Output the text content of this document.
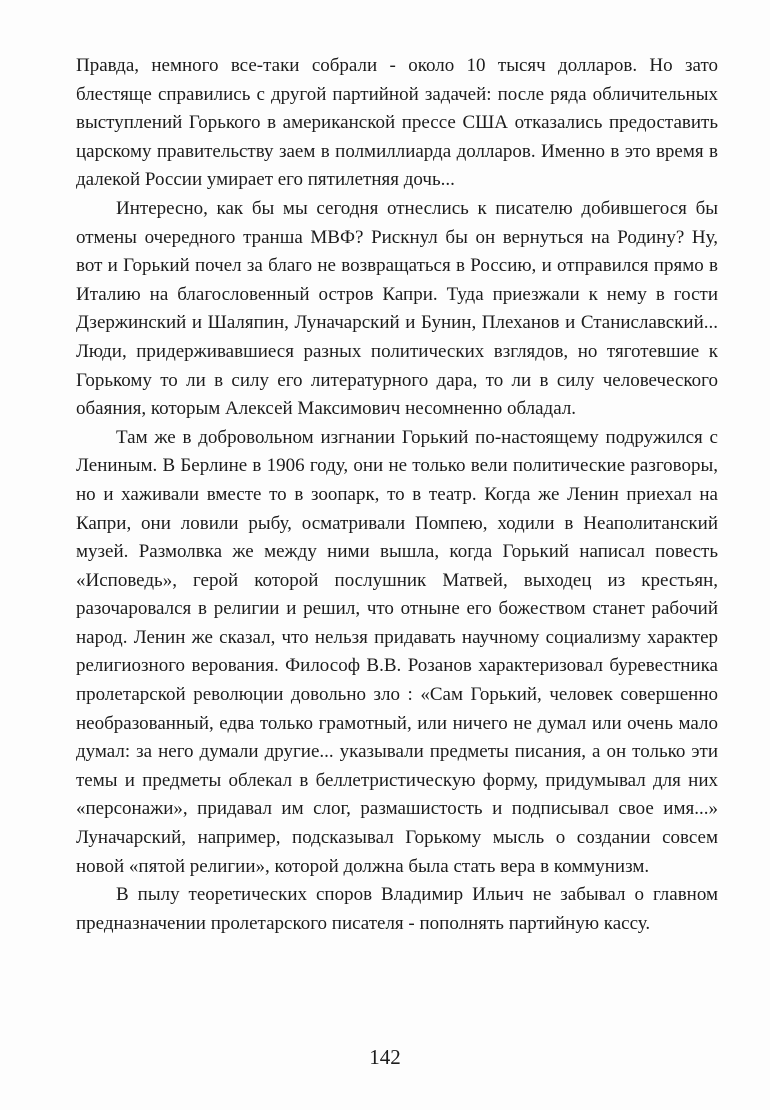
Правда, немного все-таки собрали - около 10 тысяч долларов. Но зато блестяще справились с другой партийной задачей: после ряда обличительных выступлений Горького в американской прессе США отказались предоставить царскому правительству заем в полмиллиарда долларов. Именно в это время в далекой России умирает его пятилетняя дочь...

Интересно, как бы мы сегодня отнеслись к писателю добившегося бы отмены очередного транша МВФ? Рискнул бы он вернуться на Родину? Ну, вот и Горький почел за благо не возвращаться в Россию, и отправился прямо в Италию на благословенный остров Капри. Туда приезжали к нему в гости Дзержинский и Шаляпин, Луначарский и Бунин, Плеханов и Станиславский... Люди, придерживавшиеся разных политических взглядов, но тяготевшие к Горькому то ли в силу его литературного дара, то ли в силу человеческого обаяния, которым Алексей Максимович несомненно обладал.

Там же в добровольном изгнании Горький по-настоящему подружился с Лениным. В Берлине в 1906 году, они не только вели политические разговоры, но и хаживали вместе то в зоопарк, то в театр. Когда же Ленин приехал на Капри, они ловили рыбу, осматривали Помпею, ходили в Неаполитанский музей. Размолвка же между ними вышла, когда Горький написал повесть «Исповедь», герой которой послушник Матвей, выходец из крестьян, разочаровался в религии и решил, что отныне его божеством станет рабочий народ. Ленин же сказал, что нельзя придавать научному социализму характер религиозного верования. Философ В.В. Розанов характеризовал буревестника пролетарской революции довольно зло : «Сам Горький, человек совершенно необразованный, едва только грамотный, или ничего не думал или очень мало думал: за него думали другие... указывали предметы писания, а он только эти темы и предметы облекал в беллетристическую форму, придумывал для них «персонажи», придавал им слог, размашистость и подписывал свое имя...» Луначарский, например, подсказывал Горькому мысль о создании совсем новой «пятой религии», которой должна была стать вера в коммунизм.

В пылу теоретических споров Владимир Ильич не забывал о главном предназначении пролетарского писателя - пополнять партийную кассу.

142
